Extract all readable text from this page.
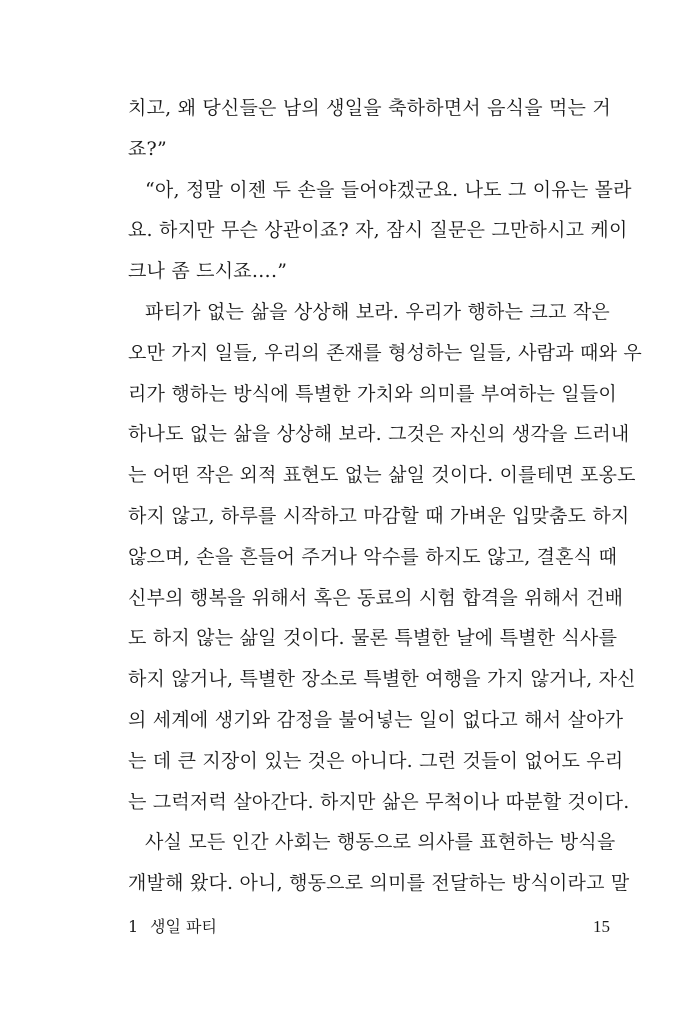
치고, 왜 당신들은 남의 생일을 축하하면서 음식을 먹는 거
죠?”
“아, 정말 이젠 두 손을 들어야겠군요. 나도 그 이유는 몰라
요. 하지만 무슨 상관이죠? 자, 잠시 질문은 그만하시고 케이
크나 좀 드시죠….”
파티가 없는 삶을 상상해 보라. 우리가 행하는 크고 작은
오만 가지 일들, 우리의 존재를 형성하는 일들, 사람과 때와 우
리가 행하는 방식에 특별한 가치와 의미를 부여하는 일들이
하나도 없는 삶을 상상해 보라. 그것은 자신의 생각을 드러내
는 어떤 작은 외적 표현도 없는 삶일 것이다. 이를테면 포옹도
하지 않고, 하루를 시작하고 마감할 때 가벼운 입맞춤도 하지
않으며, 손을 흔들어 주거나 악수를 하지도 않고, 결혼식 때
신부의 행복을 위해서 혹은 동료의 시험 합격을 위해서 건배
도 하지 않는 삶일 것이다. 물론 특별한 날에 특별한 식사를
하지 않거나, 특별한 장소로 특별한 여행을 가지 않거나, 자신
의 세계에 생기와 감정을 불어넣는 일이 없다고 해서 살아가
는 데 큰 지장이 있는 것은 아니다. 그런 것들이 없어도 우리
는 그럭저럭 살아간다. 하지만 삶은 무척이나 따분할 것이다.
사실 모든 인간 사회는 행동으로 의사를 표현하는 방식을
개발해 왔다. 아니, 행동으로 의미를 전달하는 방식이라고 말
1 생일 파티	15
